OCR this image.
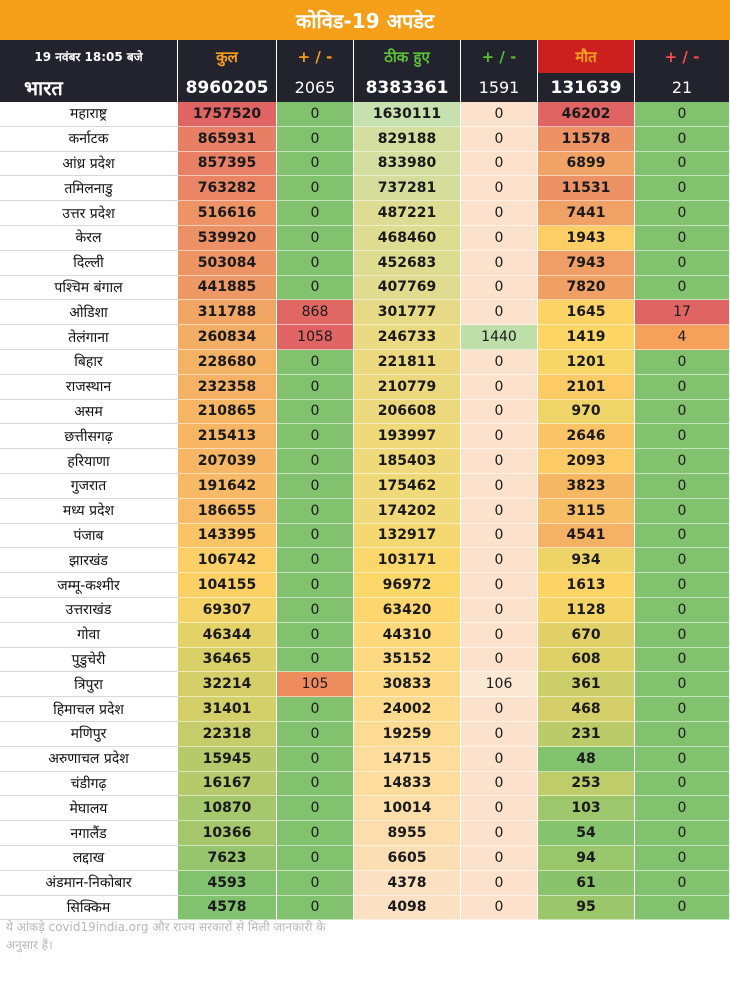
कोविड-19 अपडेट
19 नवंबर 18:05 बजे	कुल	+ / -	ठीक हुए	+ / -	मौत	+ / -
भारत	8960205	2065	8383361	1591	131639	21
महाराष्ट्र	1757520	0	1630111	0	46202	0
कर्नाटक	865931	0	829188	0	11578	0
आंध्र प्रदेश	857395	0	833980	0	6899	0
तमिलनाडु	763282	0	737281	0	11531	0
उत्तर प्रदेश	516616	0	487221	0	7441	0
केरल	539920	0	468460	0	1943	0
दिल्ली	503084	0	452683	0	7943	0
पश्चिम बंगाल	441885	0	407769	0	7820	0
ओडिशा	311788	868	301777	0	1645	17
तेलंगाना	260834	1058	246733	1440	1419	4
बिहार	228680	0	221811	0	1201	0
राजस्थान	232358	0	210779	0	2101	0
असम	210865	0	206608	0	970	0
छत्तीसगढ़	215413	0	193997	0	2646	0
हरियाणा	207039	0	185403	0	2093	0
गुजरात	191642	0	175462	0	3823	0
मध्य प्रदेश	186655	0	174202	0	3115	0
पंजाब	143395	0	132917	0	4541	0
झारखंड	106742	0	103171	0	934	0
जम्मू-कश्मीर	104155	0	96972	0	1613	0
उत्तराखंड	69307	0	63420	0	1128	0
गोवा	46344	0	44310	0	670	0
पुडुचेरी	36465	0	35152	0	608	0
त्रिपुरा	32214	105	30833	106	361	0
हिमाचल प्रदेश	31401	0	24002	0	468	0
मणिपुर	22318	0	19259	0	231	0
अरुणाचल प्रदेश	15945	0	14715	0	48	0
चंडीगढ़	16167	0	14833	0	253	0
मेघालय	10870	0	10014	0	103	0
नगालैंड	10366	0	8955	0	54	0
लद्दाख	7623	0	6605	0	94	0
अंडमान-निकोबार	4593	0	4378	0	61	0
सिक्किम	4578	0	4098	0	95	0
ये आंकड़े covid19india.org और राज्य सरकारों से मिली जानकारी के अनुसार हैं।
